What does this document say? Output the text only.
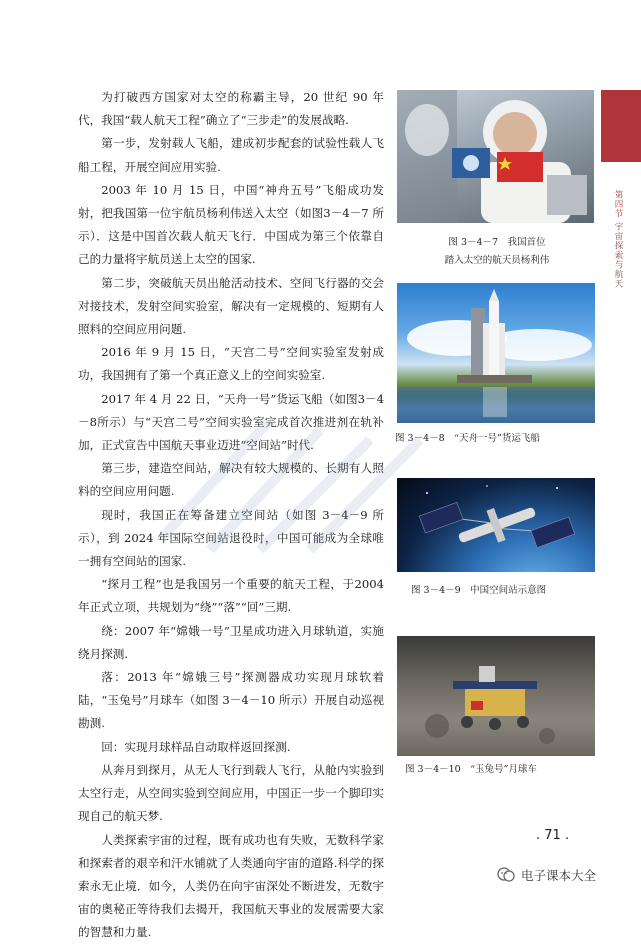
为打破西方国家对太空的称霸主导，20 世纪 90 年代，我国“载人航天工程”确立了“三步走”的发展战略.

第一步，发射载人飞船，建成初步配套的试验性载人飞船工程，开展空间应用实验.

2003 年 10 月 15 日，中国“神舟五号”飞船成功发射，把我国第一位宇航员杨利伟送入太空（如图3－4－7 所示）．这是中国首次载人航天飞行．中国成为第三个依靠自己的力量将宇航员送上太空的国家.

第二步，突破航天员出舱活动技术、空间飞行器的交会对接技术，发射空间实验室，解决有一定规模的、短期有人照料的空间应用问题.

2016 年 9 月 15 日，“天宫二号”空间实验室发射成功，我国拥有了第一个真正意义上的空间实验室.

2017 年 4 月 22 日，“天舟一号”货运飞船（如图3－4－8所示）与“天宫二号”空间实验室完成首次推进剂在轨补加，正式宣告中国航天事业迈进“空间站”时代.

第三步，建造空间站，解决有较大规模的、长期有人照料的空间应用问题.

现时，我国正在筹备建立空间站（如图 3－4－9 所示），到 2024 年国际空间站退役时，中国可能成为全球唯一拥有空间站的国家.

“探月工程”也是我国另一个重要的航天工程，于2004 年正式立项，共规划为“绕”“落”“回”三期.

绕：2007 年“嫦娥一号”卫星成功进入月球轨道，实施绕月探测.

落：2013 年“嫦娥三号”探测器成功实现月球软着陆，“玉兔号”月球车（如图 3－4－10 所示）开展自动巡视勘测.

回：实现月球样品自动取样返回探测.

从奔月到探月，从无人飞行到载人飞行，从舱内实验到太空行走，从空间实验到空间应用，中国正一步一个脚印实现自己的航天梦.

人类探索宇宙的过程，既有成功也有失败，无数科学家和探索者的艰辛和汗水铺就了人类通向宇宙的道路.科学的探索永无止境．如今，人类仍在向宇宙深处不断进发，无数宇宙的奥秘正等待我们去揭开，我国航天事业的发展需要大家的智慧和力量.

图 3－4－7　我国首位
踏入太空的航天员杨利伟
图 3－4－8　“天舟一号”货运飞船
图 3－4－9　中国空间站示意图
图 3－4－10　“玉兔号”月球车
第四节 宇宙探索与航天
. 71 .
电子课本大全
